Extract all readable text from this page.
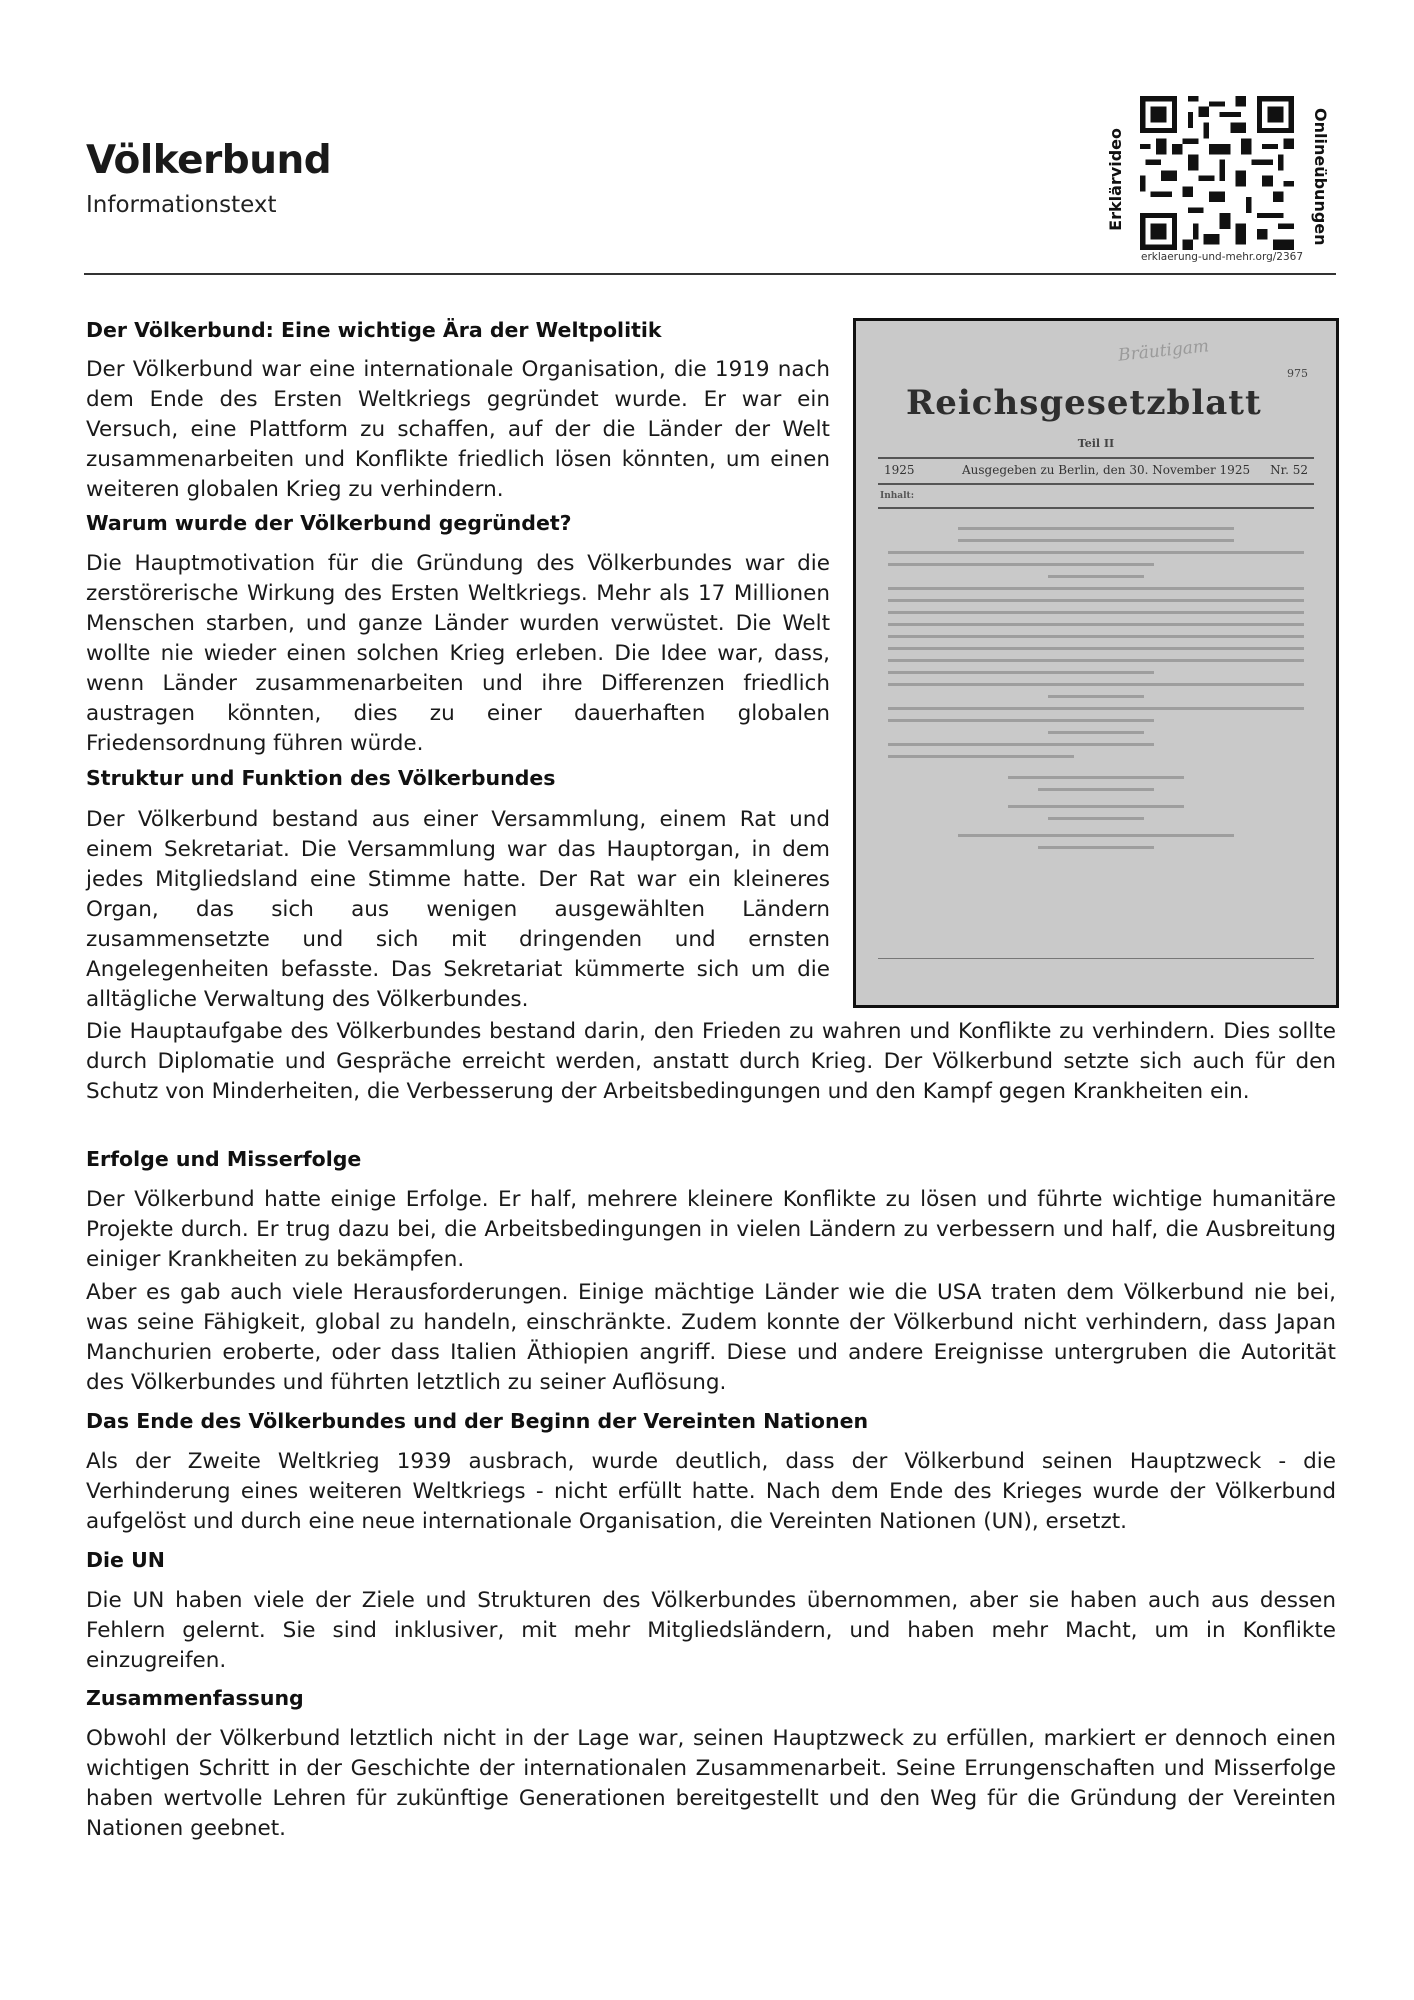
Völkerbund
Informationstext	Erklärvideo	Onlineübungen
erklaerung-und-mehr.org/2367
Bräutigam
975
Reichsgesetzblatt
Teil II
1925	Ausgegeben zu Berlin, den 30. November 1925 Nr. 52
Inhalt:
Der Völkerbund: Eine wichtige Ära der Weltpolitik

Der Völkerbund war eine internationale Organisation, die 1919 nach dem Ende des Ersten Weltkriegs gegründet wurde. Er war ein Versuch, eine Plattform zu schaffen, auf der die Länder der Welt zusammenarbeiten und Konflikte friedlich lösen könnten, um einen weiteren globalen Krieg zu verhindern.

Warum wurde der Völkerbund gegründet?

Die Hauptmotivation für die Gründung des Völkerbundes war die zerstörerische Wirkung des Ersten Weltkriegs. Mehr als 17 Millionen Menschen starben, und ganze Länder wurden verwüstet. Die Welt wollte nie wieder einen solchen Krieg erleben. Die Idee war, dass, wenn Länder zusammenarbeiten und ihre Differenzen friedlich austragen könnten, dies zu einer dauerhaften globalen Friedensordnung führen würde.

Struktur und Funktion des Völkerbundes

Der Völkerbund bestand aus einer Versammlung, einem Rat und einem Sekretariat. Die Versammlung war das Hauptorgan, in dem jedes Mitgliedsland eine Stimme hatte. Der Rat war ein kleineres Organ, das sich aus wenigen ausgewählten Ländern zusammensetzte und sich mit dringenden und ernsten Angelegenheiten befasste. Das Sekretariat kümmerte sich um die alltägliche Verwaltung des Völkerbundes.

Die Hauptaufgabe des Völkerbundes bestand darin, den Frieden zu wahren und Konflikte zu verhindern. Dies sollte durch Diplomatie und Gespräche erreicht werden, anstatt durch Krieg. Der Völkerbund setzte sich auch für den Schutz von Minderheiten, die Verbesserung der Arbeitsbedingungen und den Kampf gegen Krankheiten ein.

Erfolge und Misserfolge

Der Völkerbund hatte einige Erfolge. Er half, mehrere kleinere Konflikte zu lösen und führte wichtige humanitäre Projekte durch. Er trug dazu bei, die Arbeitsbedingungen in vielen Ländern zu verbessern und half, die Ausbreitung einiger Krankheiten zu bekämpfen.

Aber es gab auch viele Herausforderungen. Einige mächtige Länder wie die USA traten dem Völkerbund nie bei, was seine Fähigkeit, global zu handeln, einschränkte. Zudem konnte der Völkerbund nicht verhindern, dass Japan Manchurien eroberte, oder dass Italien Äthiopien angriff. Diese und andere Ereignisse untergruben die Autorität des Völkerbundes und führten letztlich zu seiner Auflösung.

Das Ende des Völkerbundes und der Beginn der Vereinten Nationen

Als der Zweite Weltkrieg 1939 ausbrach, wurde deutlich, dass der Völkerbund seinen Hauptzweck - die Verhinderung eines weiteren Weltkriegs - nicht erfüllt hatte. Nach dem Ende des Krieges wurde der Völkerbund aufgelöst und durch eine neue internationale Organisation, die Vereinten Nationen (UN), ersetzt.

Die UN

Die UN haben viele der Ziele und Strukturen des Völkerbundes übernommen, aber sie haben auch aus dessen Fehlern gelernt. Sie sind inklusiver, mit mehr Mitgliedsländern, und haben mehr Macht, um in Konflikte einzugreifen.

Zusammenfassung

Obwohl der Völkerbund letztlich nicht in der Lage war, seinen Hauptzweck zu erfüllen, markiert er dennoch einen wichtigen Schritt in der Geschichte der internationalen Zusammenarbeit. Seine Errungenschaften und Misserfolge haben wertvolle Lehren für zukünftige Generationen bereitgestellt und den Weg für die Gründung der Vereinten Nationen geebnet.
